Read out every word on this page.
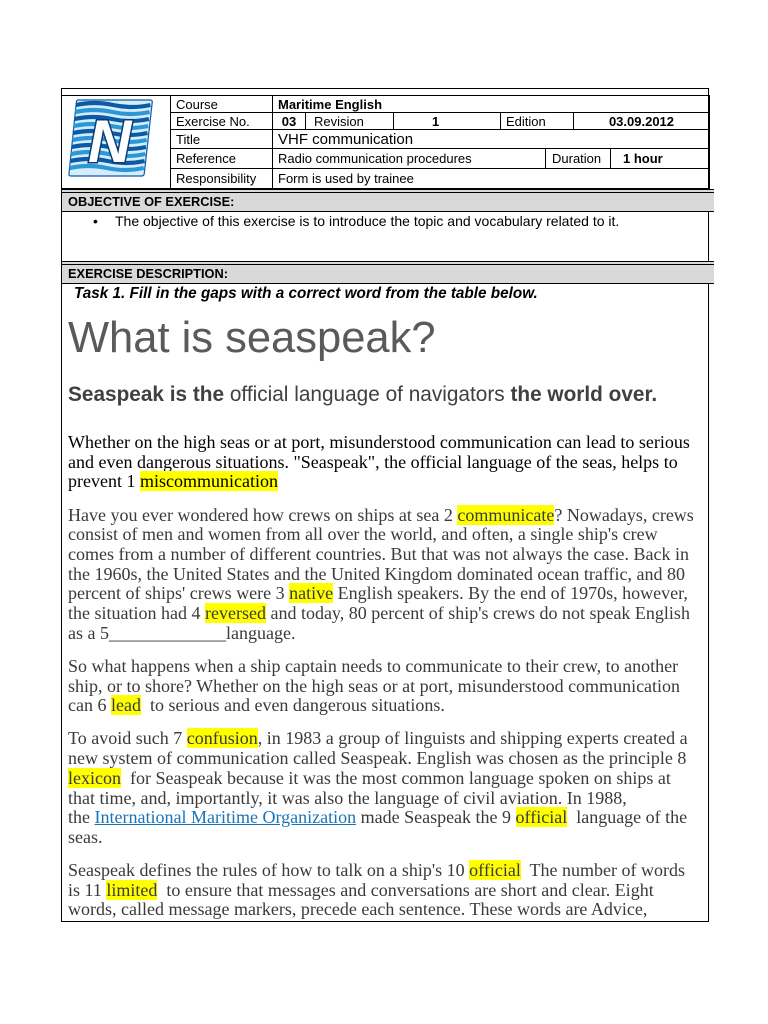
N	Course	Maritime English						
	Exercise No.	03	Revision	1	Edition		03.09.2012	
	Title	VHF communication						
	Reference	Radio communication procedures				Duration		1 hour
	Responsibility	Form is used by trainee						
OBJECTIVE OF EXERCISE:
•The objective of this exercise is to introduce the topic and vocabulary related to it.
EXERCISE DESCRIPTION:
Task 1. Fill in the gaps with a correct word from the table below.
What is seaspeak?
Seaspeak is the official language of navigators the world over.
Whether on the high seas or at port, misunderstood communication can lead to serious
and even dangerous situations. "Seaspeak", the official language of the seas, helps to
prevent 1 miscommunication
Have you ever wondered how crews on ships at sea 2 communicate? Nowadays, crews
consist of men and women from all over the world, and often, a single ship's crew
comes from a number of different countries. But that was not always the case. Back in
the 1960s, the United States and the United Kingdom dominated ocean traffic, and 80
percent of ships' crews were 3 native English speakers. By the end of 1970s, however,
the situation had 4 reversed and today, 80 percent of ship's crews do not speak English
as a 5_____________language.
So what happens when a ship captain needs to communicate to their crew, to another
ship, or to shore? Whether on the high seas or at port, misunderstood communication
can 6 lead  to serious and even dangerous situations.
To avoid such 7 confusion, in 1983 a group of linguists and shipping experts created a
new system of communication called Seaspeak. English was chosen as the principle 8
lexicon  for Seaspeak because it was the most common language spoken on ships at
that time, and, importantly, it was also the language of civil aviation. In 1988,
the International Maritime Organization made Seaspeak the 9 official  language of the
seas.
Seaspeak defines the rules of how to talk on a ship's 10 official  The number of words
is 11 limited  to ensure that messages and conversations are short and clear. Eight
words, called message markers, precede each sentence. These words are Advice,
